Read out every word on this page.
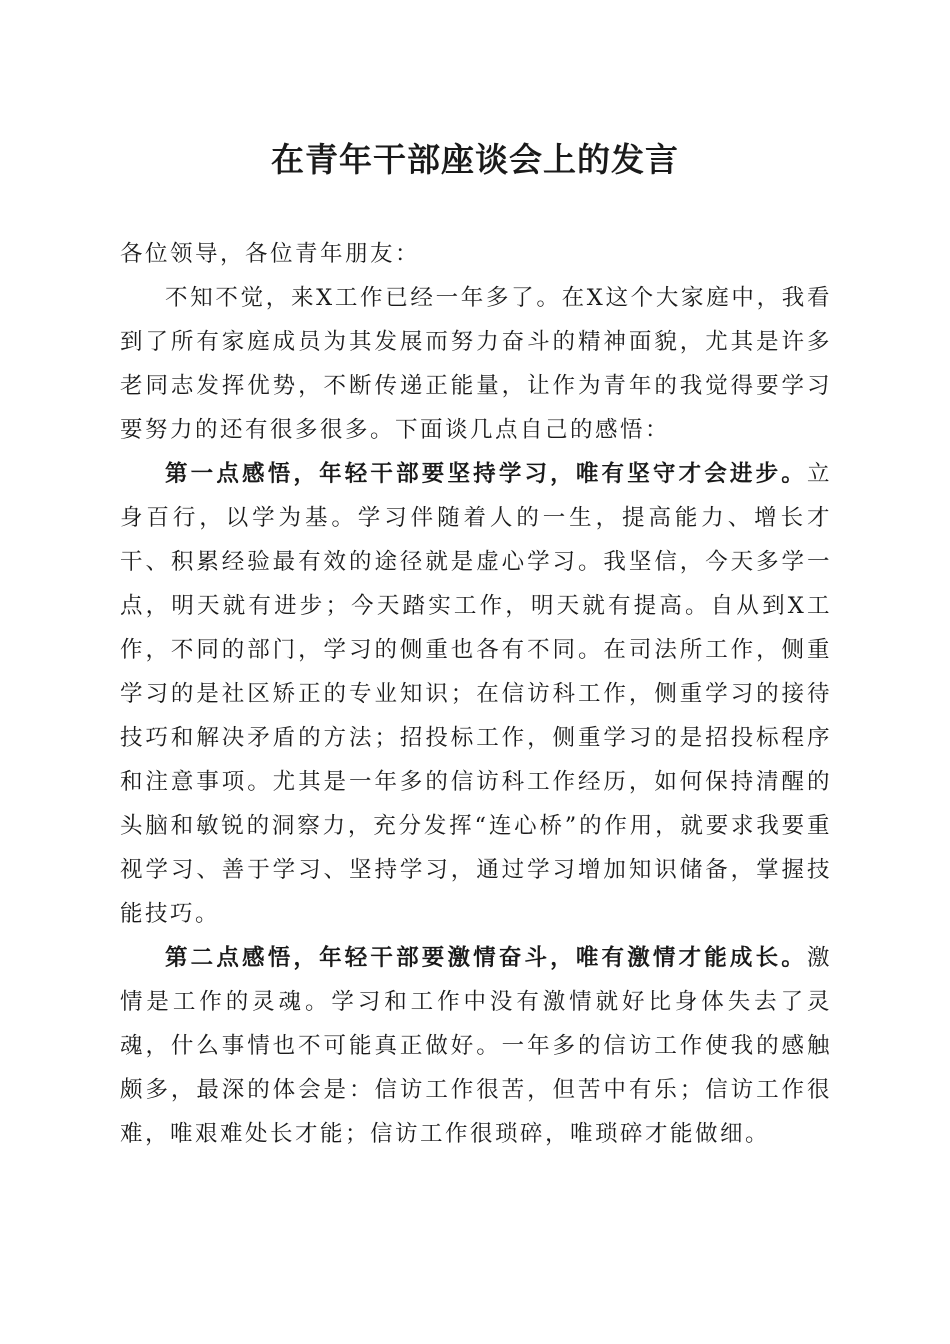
在青年干部座谈会上的发言

各位领导，各位青年朋友：

不知不觉，来X工作已经一年多了。在X这个大家庭中，我看到了所有家庭成员为其发展而努力奋斗的精神面貌，尤其是许多老同志发挥优势，不断传递正能量，让作为青年的我觉得要学习要努力的还有很多很多。下面谈几点自己的感悟：

第一点感悟，年轻干部要坚持学习，唯有坚守才会进步。立身百行，以学为基。学习伴随着人的一生，提高能力、增长才干、积累经验最有效的途径就是虚心学习。我坚信，今天多学一点，明天就有进步；今天踏实工作，明天就有提高。自从到X工作，不同的部门，学习的侧重也各有不同。在司法所工作，侧重学习的是社区矫正的专业知识；在信访科工作，侧重学习的接待技巧和解决矛盾的方法；招投标工作，侧重学习的是招投标程序和注意事项。尤其是一年多的信访科工作经历，如何保持清醒的头脑和敏锐的洞察力，充分发挥“连心桥”的作用，就要求我要重视学习、善于学习、坚持学习，通过学习增加知识储备，掌握技能技巧。

第二点感悟，年轻干部要激情奋斗，唯有激情才能成长。激情是工作的灵魂。学习和工作中没有激情就好比身体失去了灵魂，什么事情也不可能真正做好。一年多的信访工作使我的感触颇多，最深的体会是：信访工作很苦，但苦中有乐；信访工作很难，唯艰难处长才能；信访工作很琐碎，唯琐碎才能做细。
